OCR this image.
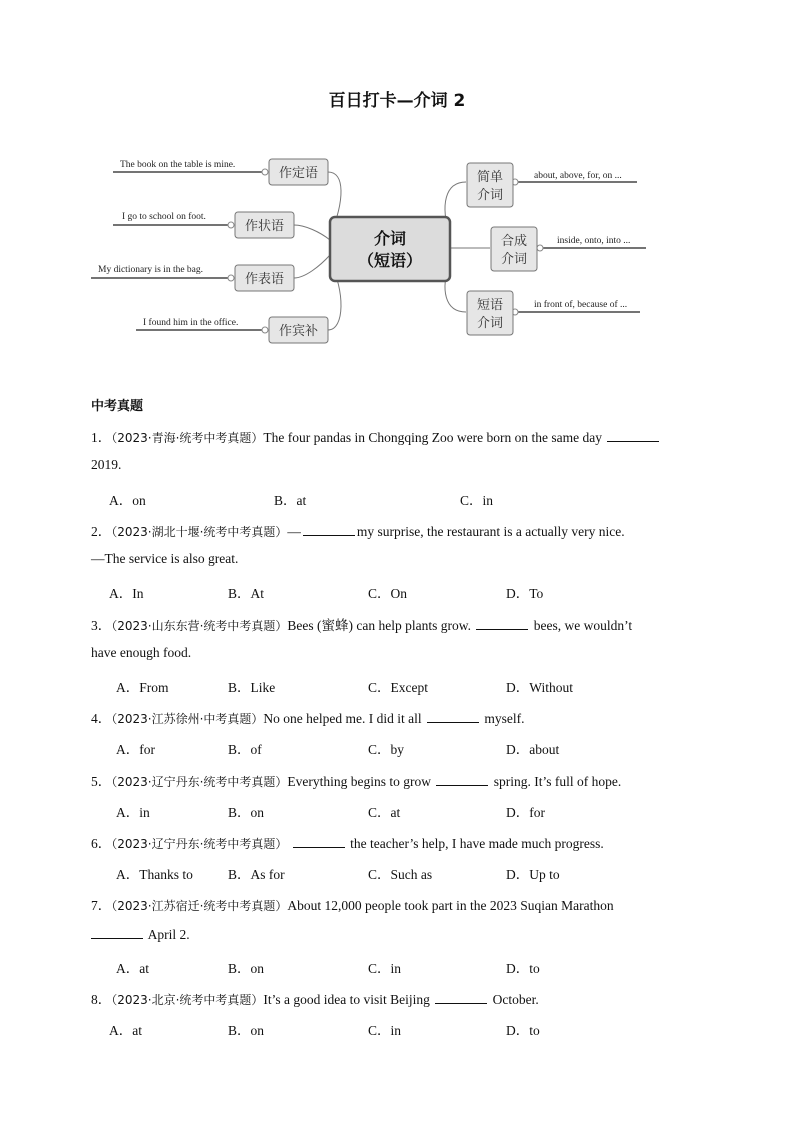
百日打卡—介词 2
介词
（短语）
作定语
The book on the table is mine.
作状语
I go to school on foot.
作表语
My dictionary is in the bag.
作宾补
I found him in the office.
简单
介词
about, above, for, on ...
合成
介词
inside, onto, into ...
短语
介词
in front of, because of ...
中考真题
1．（2023·青海·统考中考真题）The four pandas in Chongqing Zoo were born on the same day
2019.
A．on	B．at	C．in
2．（2023·湖北十堰·统考中考真题）—	my surprise, the restaurant is a actually very nice.
—The service is also great.
A．In	B．At	C．On	D．To
3．（2023·山东东营·统考中考真题）Bees (蜜蜂) can help plants grow.	bees, we wouldn’t
have enough food.
A．From	B．Like	C．Except	D．Without
4．（2023·江苏徐州·中考真题）No one helped me. I did it all	myself.
A．for	B．of	C．by	D．about
5．（2023·辽宁丹东·统考中考真题）Everything begins to grow	spring. It’s full of hope.
A．in	B．on	C．at	D．for
6．（2023·辽宁丹东·统考中考真题）	the teacher’s help, I have made much progress.
A．Thanks to	B．As for	C．Such as	D．Up to
7．（2023·江苏宿迁·统考中考真题）About 12,000 people took part in the 2023 Suqian Marathon
April 2.
A．at	B．on	C．in	D．to
8．（2023·北京·统考中考真题）It’s a good idea to visit Beijing	October.
A．at	B．on	C．in	D．to
